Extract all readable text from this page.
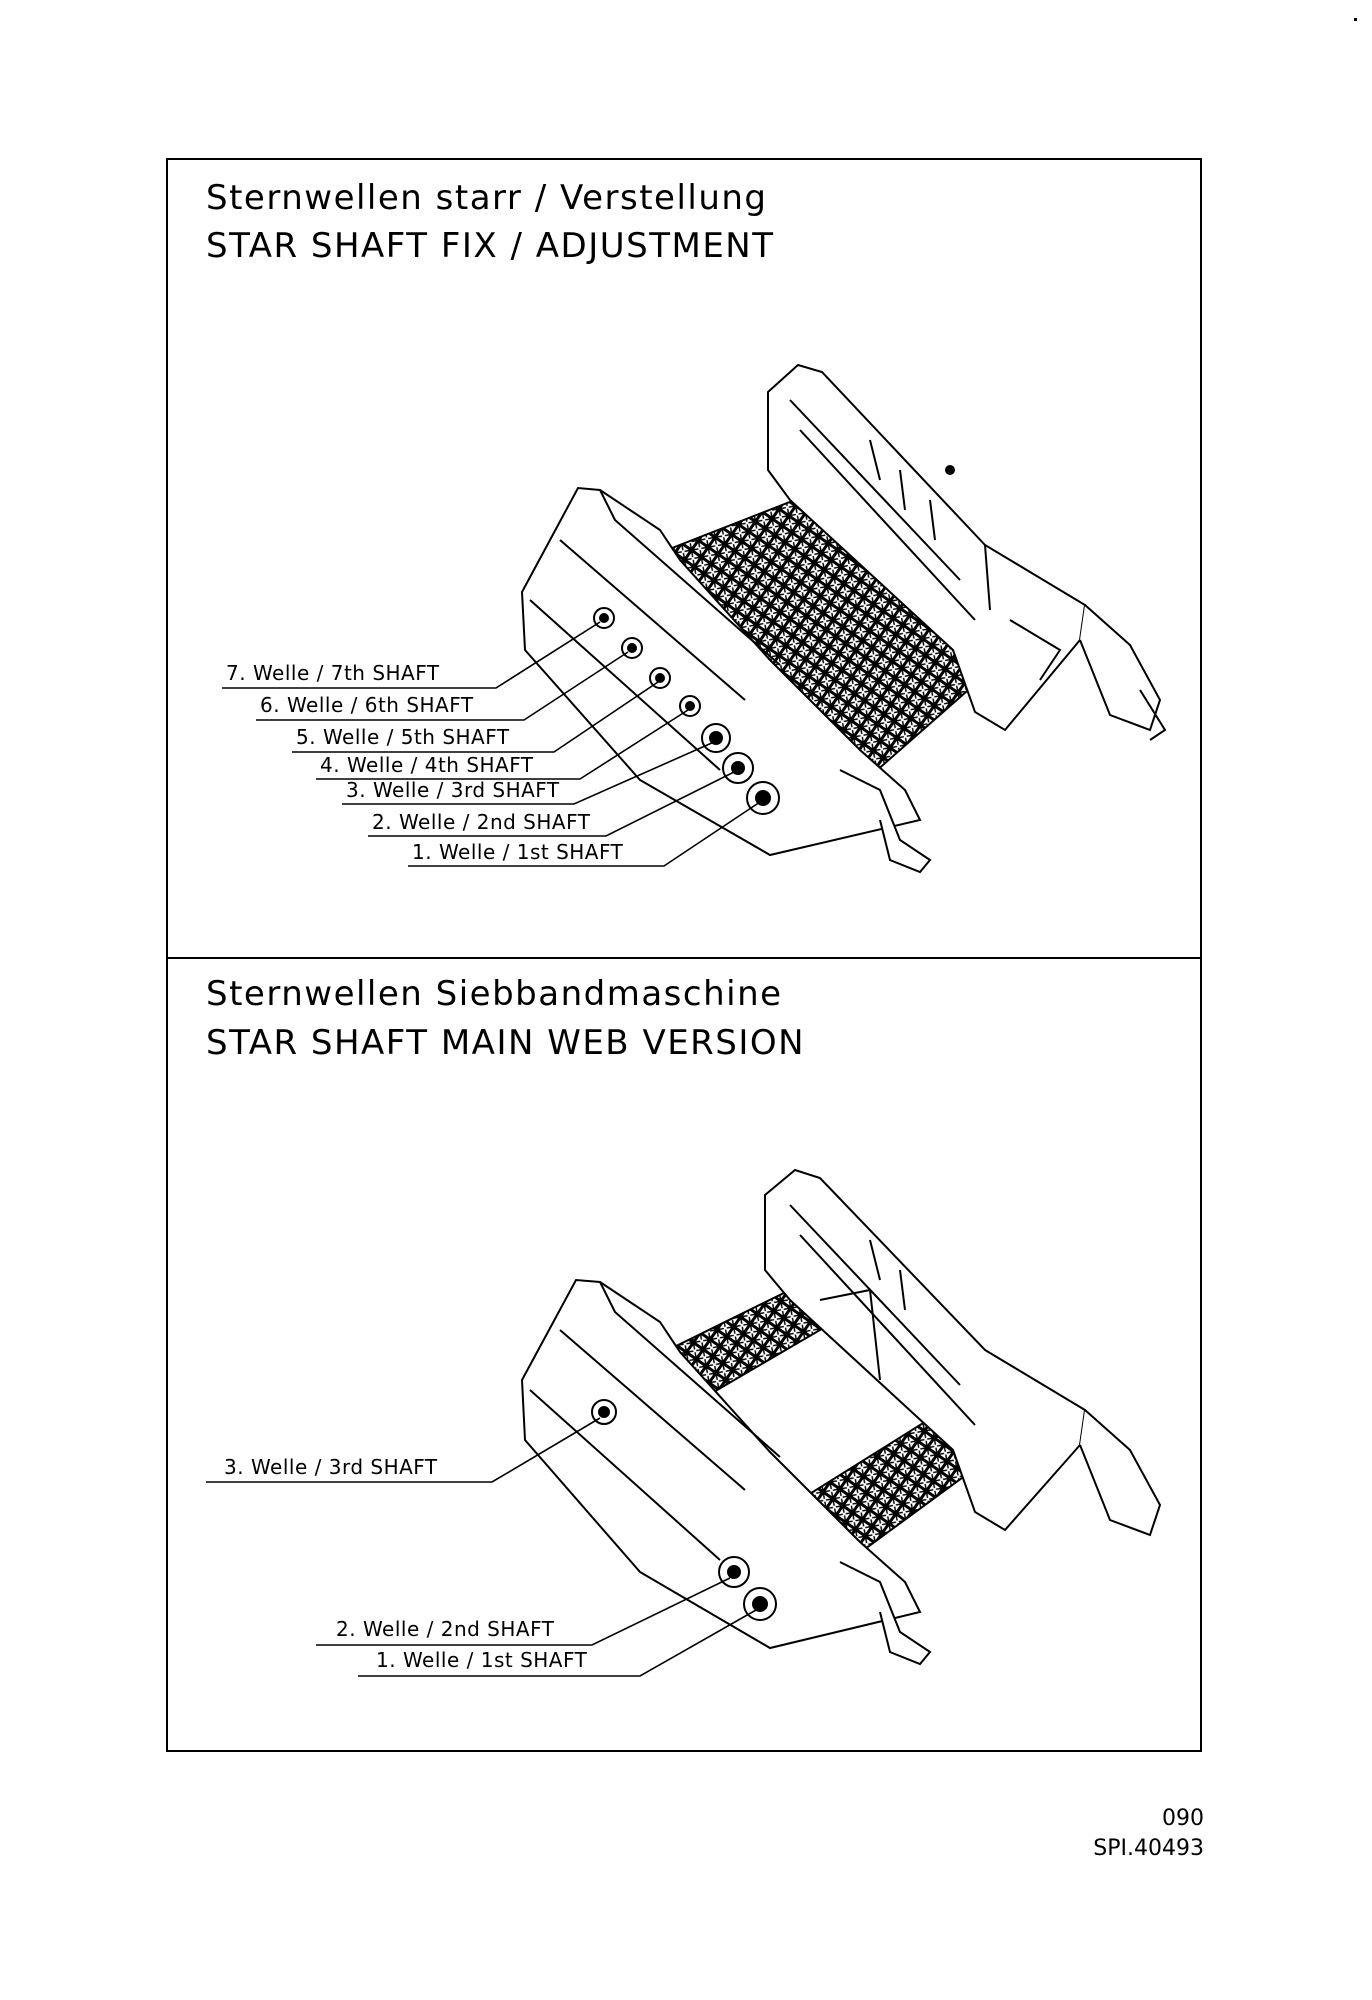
Sternwellen starr / Verstellung
STAR SHAFT FIX / ADJUSTMENT
Sternwellen Siebbandmaschine
STAR SHAFT MAIN WEB VERSION
7. Welle / 7th SHAFT
6. Welle / 6th SHAFT
5. Welle / 5th SHAFT
4. Welle / 4th SHAFT
3. Welle / 3rd SHAFT
2. Welle / 2nd SHAFT
1. Welle / 1st SHAFT
3. Welle / 3rd SHAFT
2. Welle / 2nd SHAFT
1. Welle / 1st SHAFT
090
SPI.40493
